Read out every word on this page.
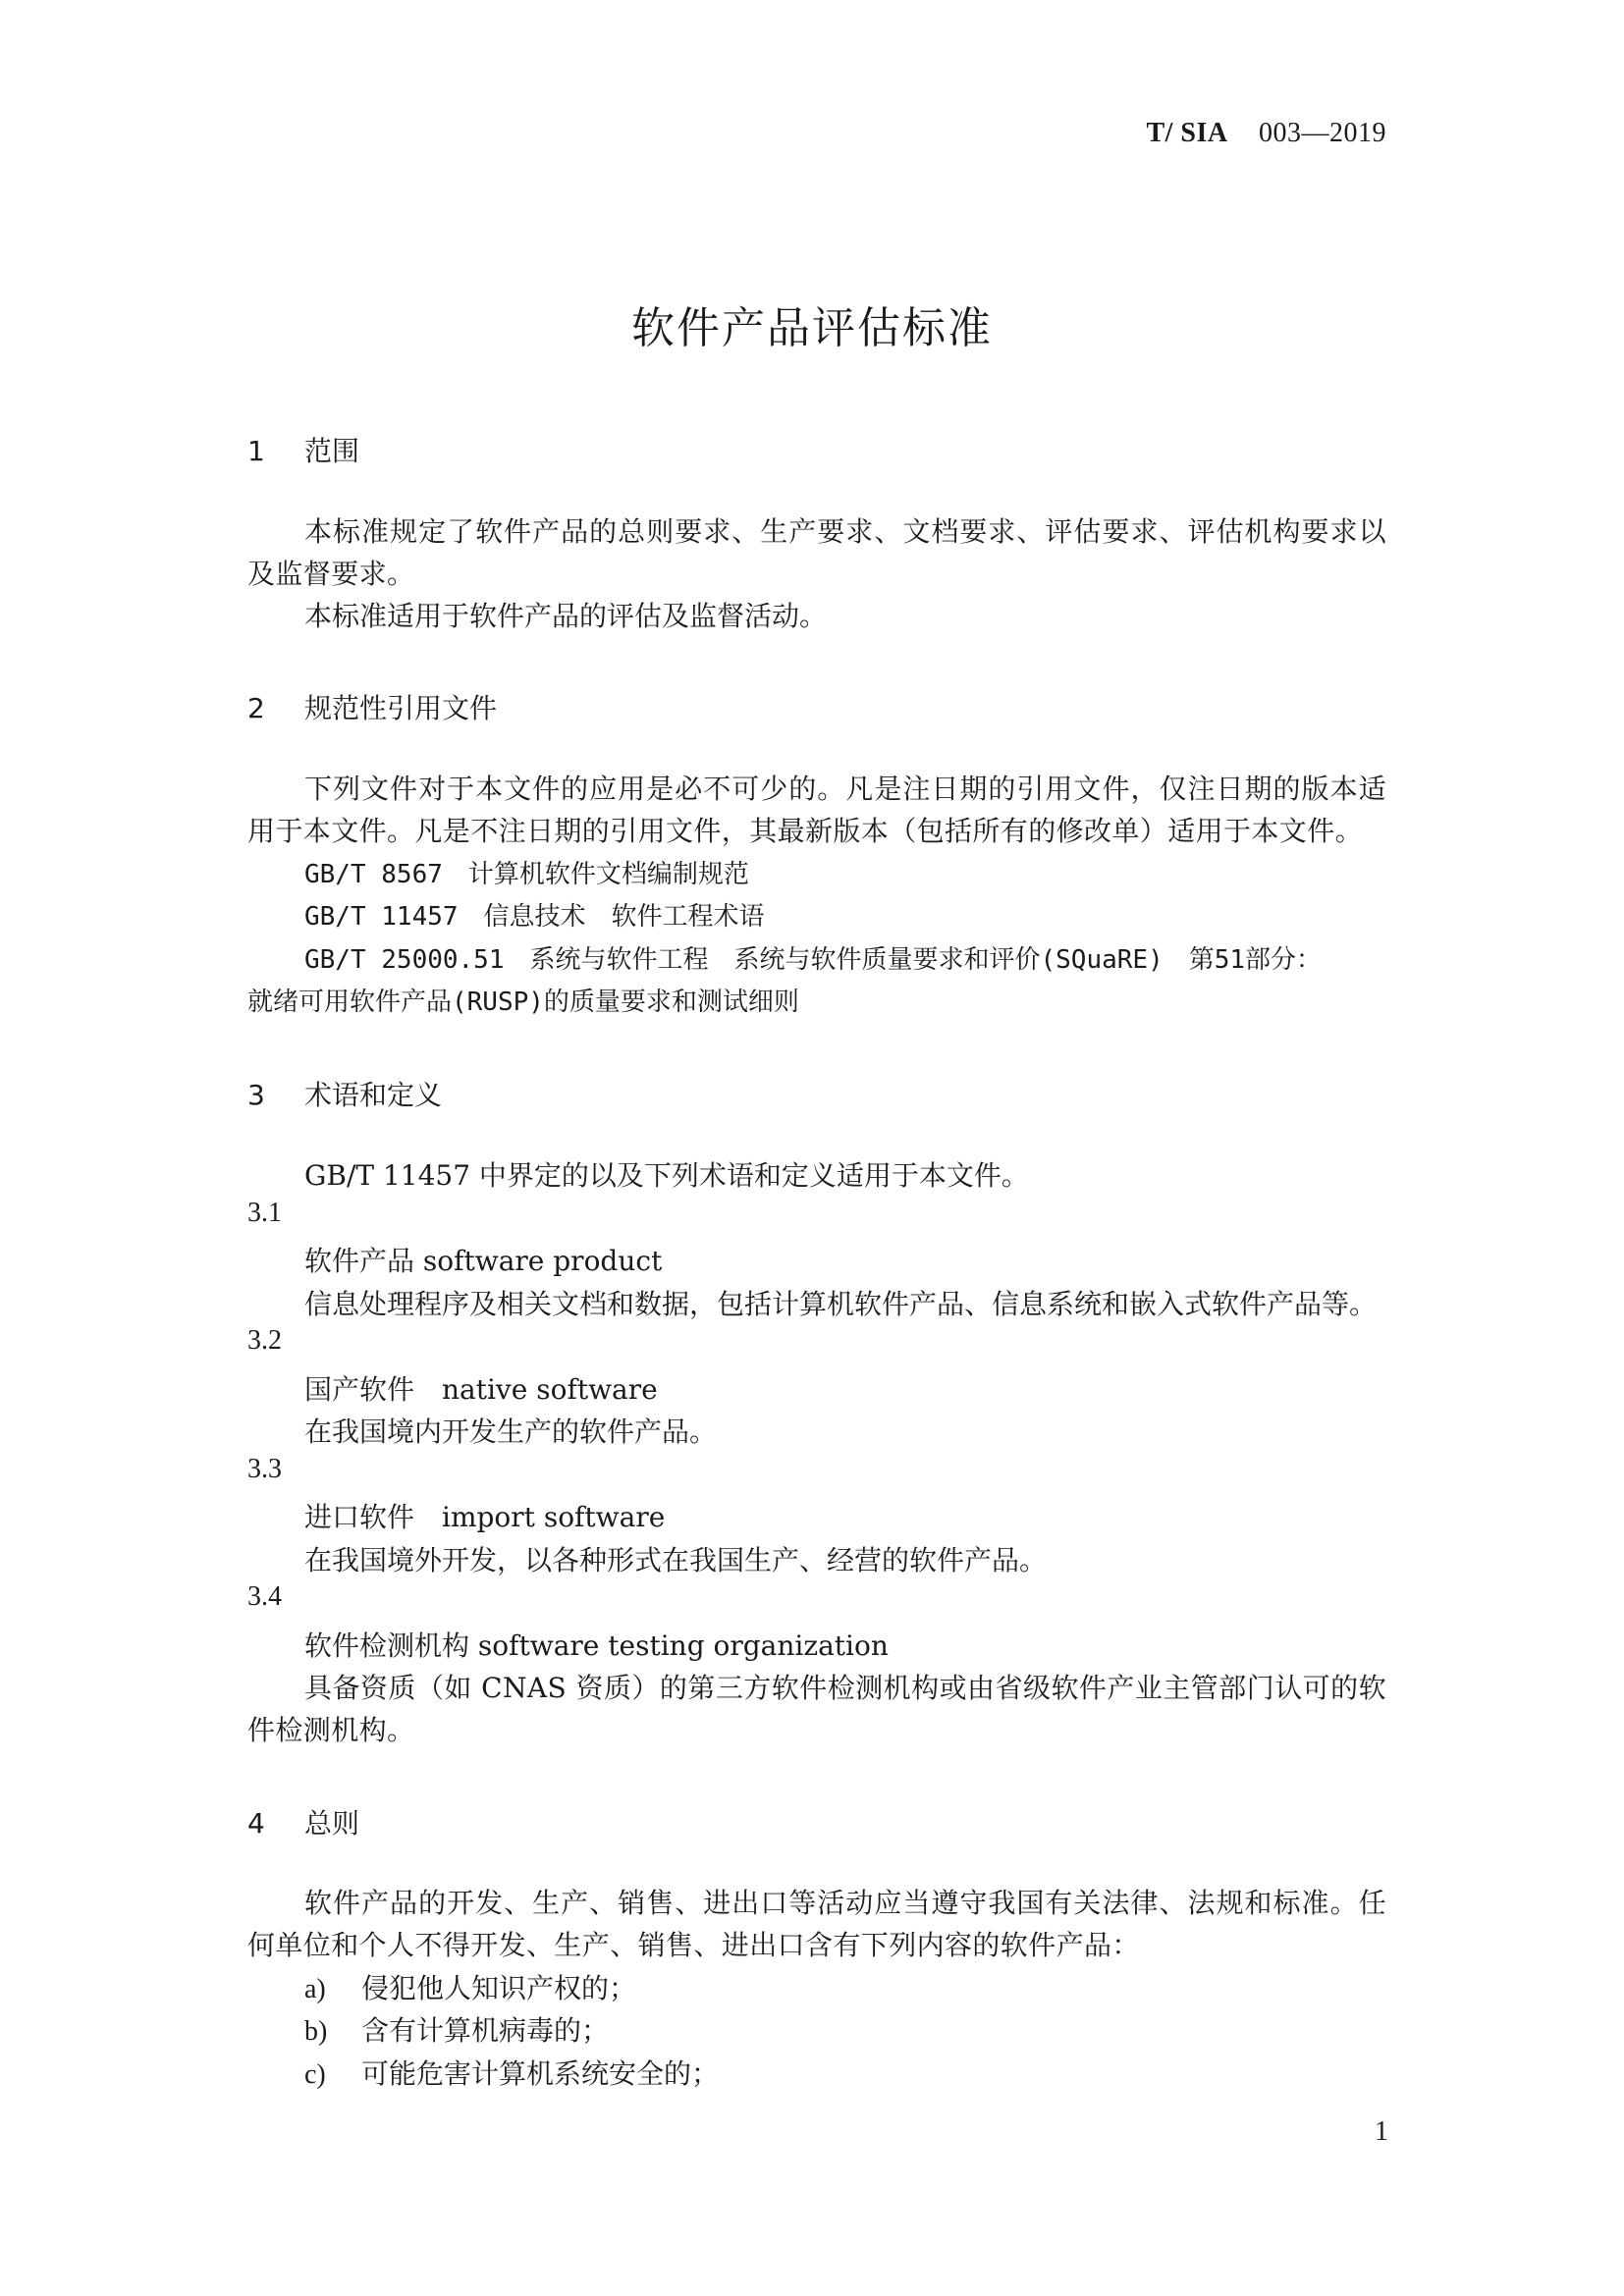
T/ SIA 003—2019
软件产品评估标准
1 范围
本标准规定了软件产品的总则要求、生产要求、文档要求、评估要求、评估机构要求以及监督要求。
本标准适用于软件产品的评估及监督活动。
2 规范性引用文件
下列文件对于本文件的应用是必不可少的。凡是注日期的引用文件，仅注日期的版本适用于本文件。凡是不注日期的引用文件，其最新版本（包括所有的修改单）适用于本文件。
GB/T 8567　计算机软件文档编制规范
GB/T 11457　信息技术　软件工程术语
GB/T 25000.51　系统与软件工程　系统与软件质量要求和评价(SQuaRE)　第51部分：
就绪可用软件产品(RUSP)的质量要求和测试细则
3 术语和定义
GB/T 11457 中界定的以及下列术语和定义适用于本文件。
3.1
软件产品 software product
信息处理程序及相关文档和数据，包括计算机软件产品、信息系统和嵌入式软件产品等。
3.2
国产软件　native software
在我国境内开发生产的软件产品。
3.3
进口软件　import software
在我国境外开发，以各种形式在我国生产、经营的软件产品。
3.4
软件检测机构 software testing organization
具备资质（如 CNAS 资质）的第三方软件检测机构或由省级软件产业主管部门认可的软件检测机构。
4 总则
软件产品的开发、生产、销售、进出口等活动应当遵守我国有关法律、法规和标准。任何单位和个人不得开发、生产、销售、进出口含有下列内容的软件产品：
a) 侵犯他人知识产权的；
b) 含有计算机病毒的；
c) 可能危害计算机系统安全的；
1
